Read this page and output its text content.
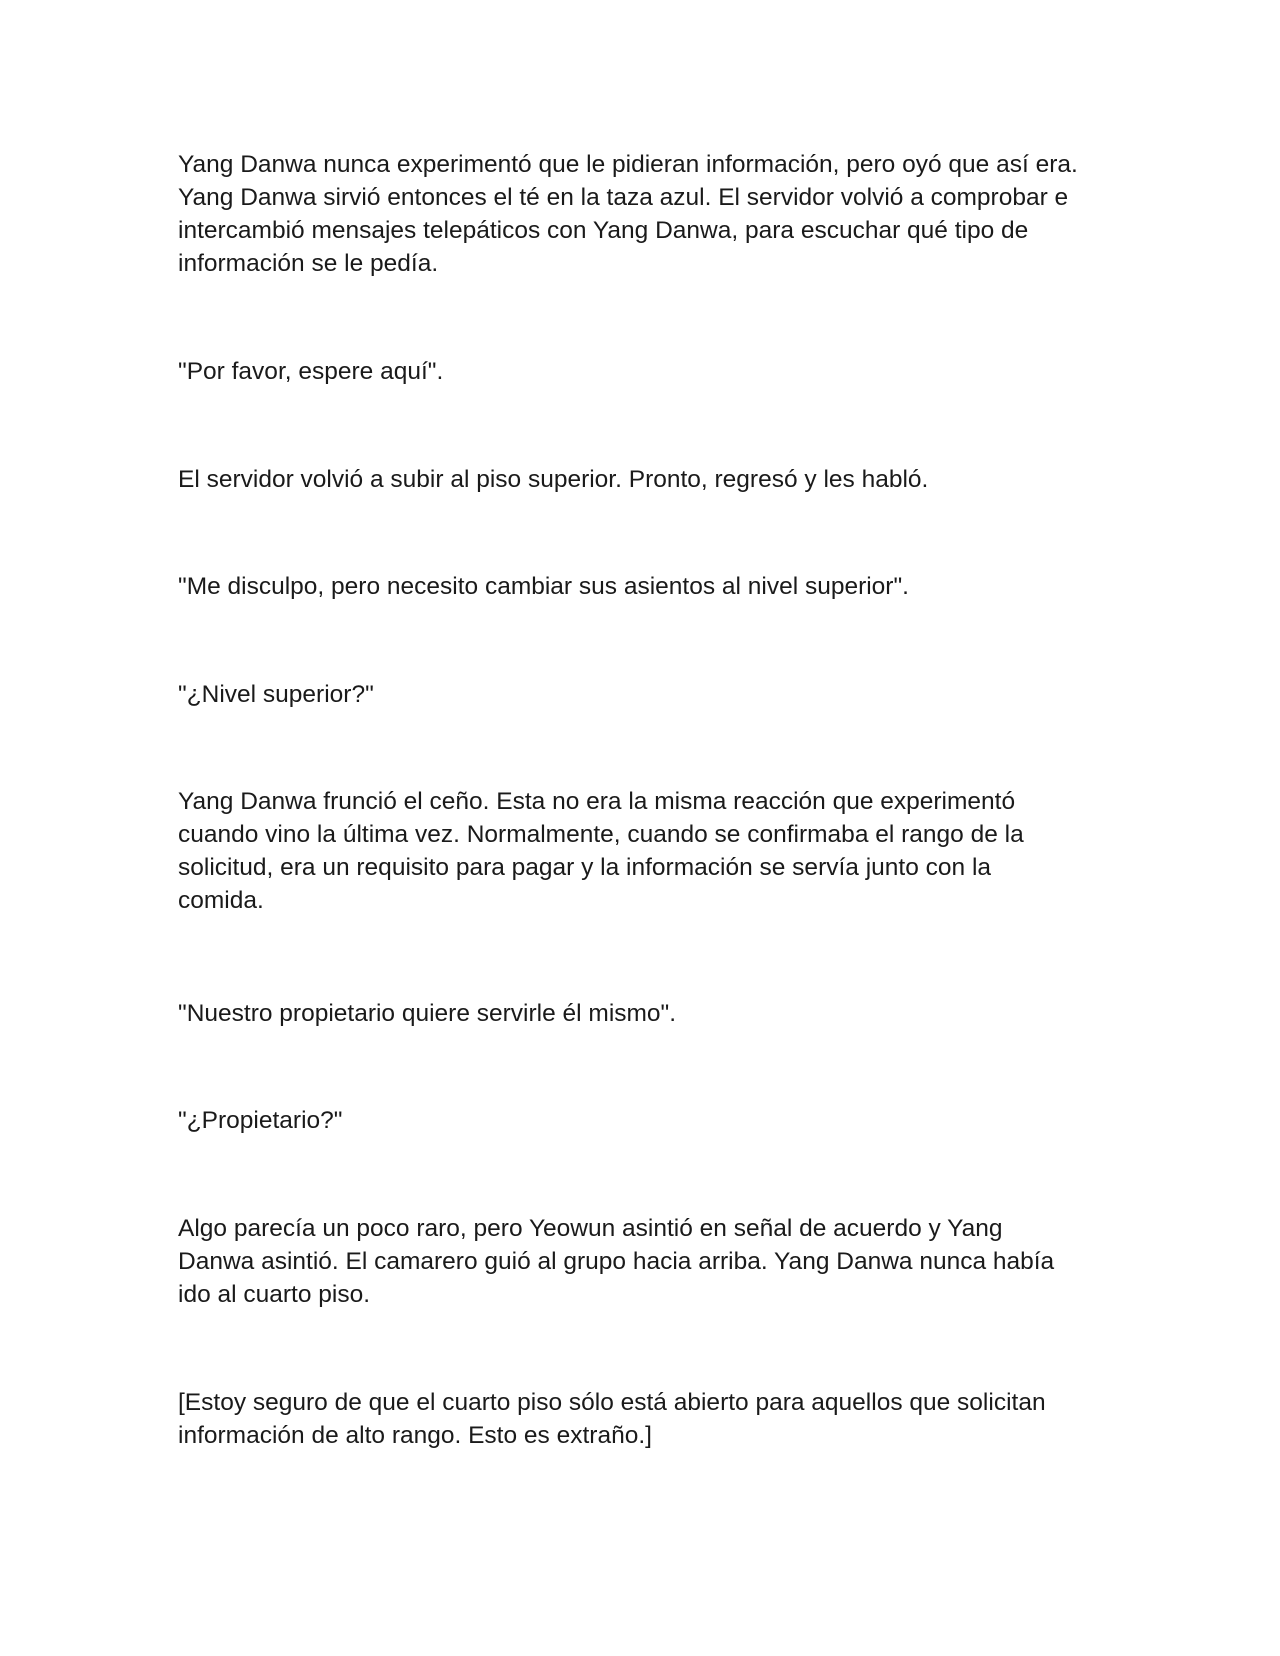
Yang Danwa nunca experimentó que le pidieran información, pero oyó que así era.
Yang Danwa sirvió entonces el té en la taza azul. El servidor volvió a comprobar e
intercambió mensajes telepáticos con Yang Danwa, para escuchar qué tipo de
información se le pedía.

"Por favor, espere aquí".

El servidor volvió a subir al piso superior. Pronto, regresó y les habló.

"Me disculpo, pero necesito cambiar sus asientos al nivel superior".

"¿Nivel superior?"

Yang Danwa frunció el ceño. Esta no era la misma reacción que experimentó
cuando vino la última vez. Normalmente, cuando se confirmaba el rango de la
solicitud, era un requisito para pagar y la información se servía junto con la
comida.

"Nuestro propietario quiere servirle él mismo".

"¿Propietario?"

Algo parecía un poco raro, pero Yeowun asintió en señal de acuerdo y Yang
Danwa asintió. El camarero guió al grupo hacia arriba. Yang Danwa nunca había
ido al cuarto piso.

[Estoy seguro de que el cuarto piso sólo está abierto para aquellos que solicitan
información de alto rango. Esto es extraño.]
